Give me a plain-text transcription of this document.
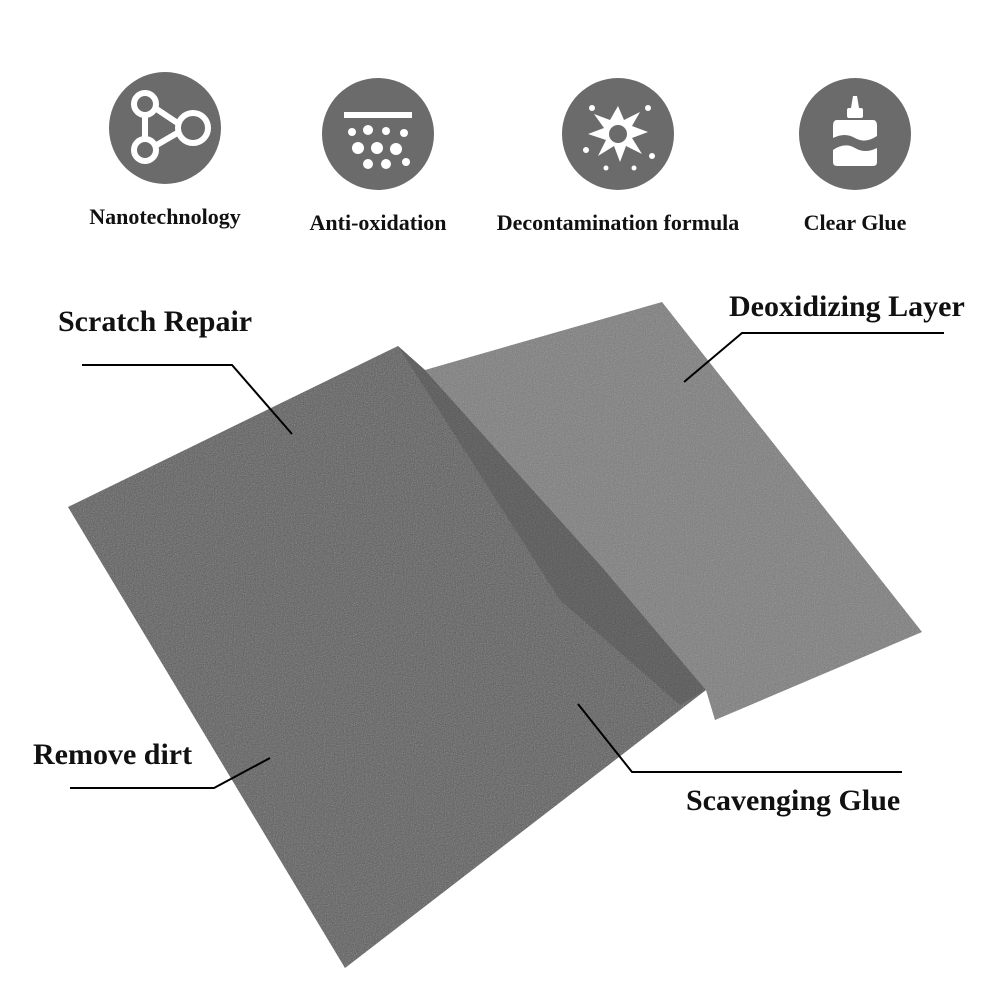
Nanotechnology	Anti-oxidation	Decontamination formula	Clear Glue
Scratch Repair	Deoxidizing Layer
Remove dirt
Scavenging Glue
